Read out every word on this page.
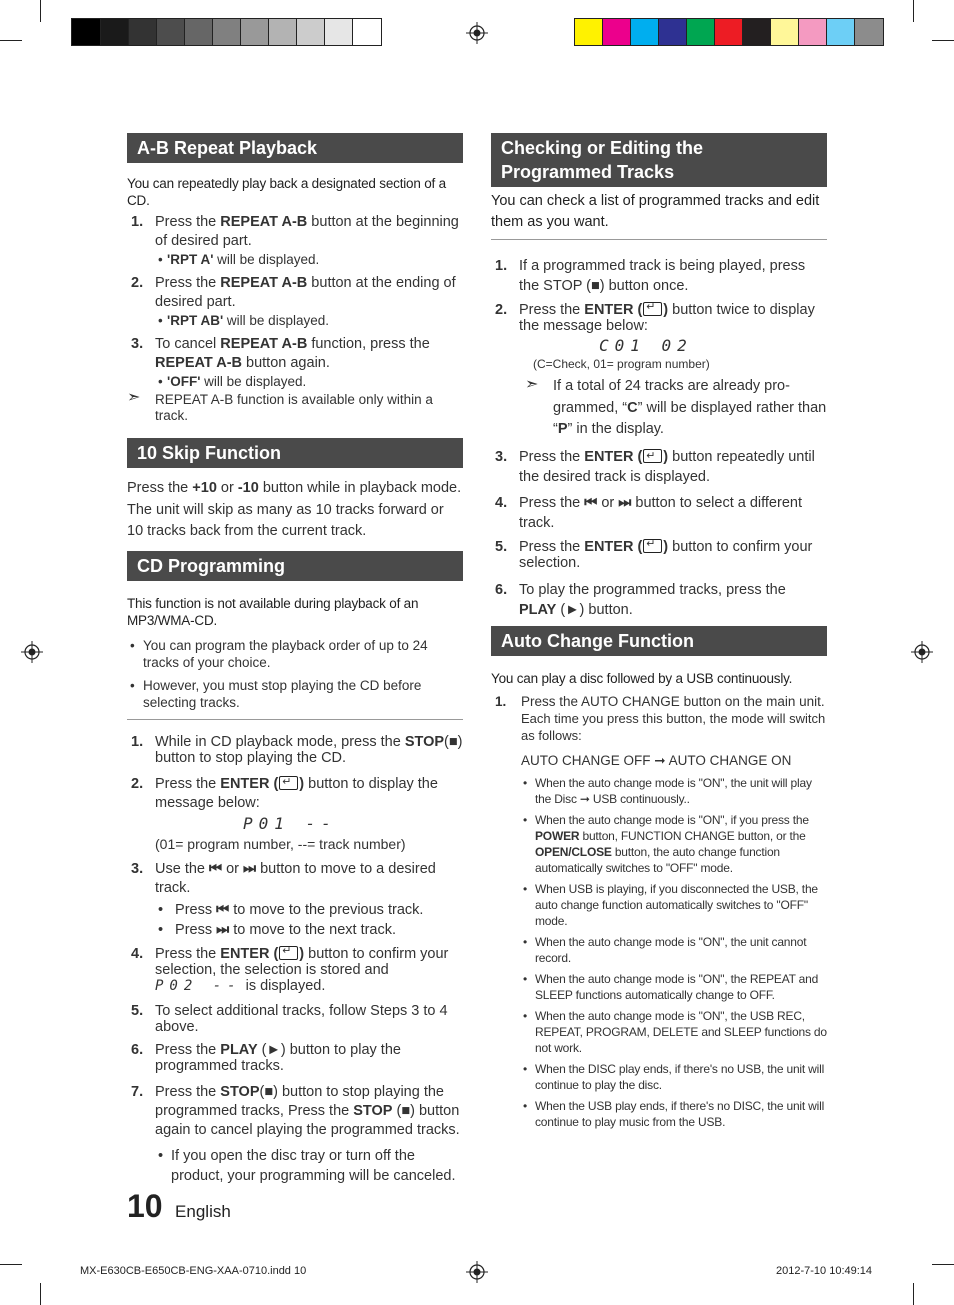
A-B Repeat Playback
You can repeatedly play back a designated section of a CD.
1. Press the REPEAT A-B button at the beginning of desired part.
• 'RPT A' will be displayed.
2. Press the REPEAT A-B button at the ending of desired part.
• 'RPT AB' will be displayed.
3. To cancel REPEAT A-B function, press the REPEAT A-B button again.
• 'OFF' will be displayed.
➣ REPEAT A-B function is available only within a track.
10 Skip Function
Press the +10 or -10 button while in playback mode. The unit will skip as many as 10 tracks forward or 10 tracks back from the current track.
CD Programming
This function is not available during playback of an MP3/WMA-CD.
• You can program the playback order of up to 24 tracks of your choice.
• However, you must stop playing the CD before selecting tracks.
1. While in CD playback mode, press the STOP(■) button to stop playing the CD.
2. Press the ENTER ( ↵ ) button to display the message below:
P01 --
(01= program number, --= track number)
3. Use the ⏮ or ⏭ button to move to a desired track.
• Press ⏮ to move to the previous track.
• Press ⏭ to move to the next track.
4. Press the ENTER ( ↵ ) button to confirm your selection, the selection is stored and
P02 -- is displayed.
5. To select additional tracks, follow Steps 3 to 4 above.
6. Press the PLAY (►) button to play the programmed tracks.
7. Press the STOP(■) button to stop playing the programmed tracks, Press the STOP (■) button again to cancel playing the programmed tracks.
• If you open the disc tray or turn off the product, your programming will be canceled.
Checking or Editing the
Programmed Tracks
You can check a list of programmed tracks and edit them as you want.
1. If a programmed track is being played, press the STOP (■) button once.
2. Press the ENTER ( ↵ ) button twice to display the message below:
C01 02
(C=Check, 01= program number)
➣ If a total of 24 tracks are already pro-grammed, “C” will be displayed rather than “P” in the display.
3. Press the ENTER ( ↵ ) button repeatedly until the desired track is displayed.
4. Press the ⏮ or ⏭ button to select a different track.
5. Press the ENTER ( ↵ ) button to confirm your selection.
6. To play the programmed tracks, press the PLAY (►) button.
Auto Change Function
You can play a disc followed by a USB continuously.
1. Press the AUTO CHANGE button on the main unit.
Each time you press this button, the mode will switch as follows:
AUTO CHANGE OFF ➞ AUTO CHANGE ON
• When the auto change mode is "ON", the unit will play the Disc ➞ USB continuously..
• When the auto change mode is "ON", if you press the POWER button, FUNCTION CHANGE button, or the OPEN/CLOSE button, the auto change function automatically switches to "OFF" mode.
• When USB is playing, if you disconnected the USB, the auto change function automatically switches to "OFF" mode.
• When the auto change mode is "ON", the unit cannot record.
• When the auto change mode is "ON", the REPEAT and SLEEP functions automatically change to OFF.
• When the auto change mode is "ON", the USB REC, REPEAT, PROGRAM, DELETE and SLEEP functions do not work.
• When the DISC play ends, if there's no USB, the unit will continue to play the disc.
• When the USB play ends, if there's no DISC, the unit will continue to play music from the USB.
10 English
MX-E630CB-E650CB-ENG-XAA-0710.indd 10	2012-7-10 10:49:14
